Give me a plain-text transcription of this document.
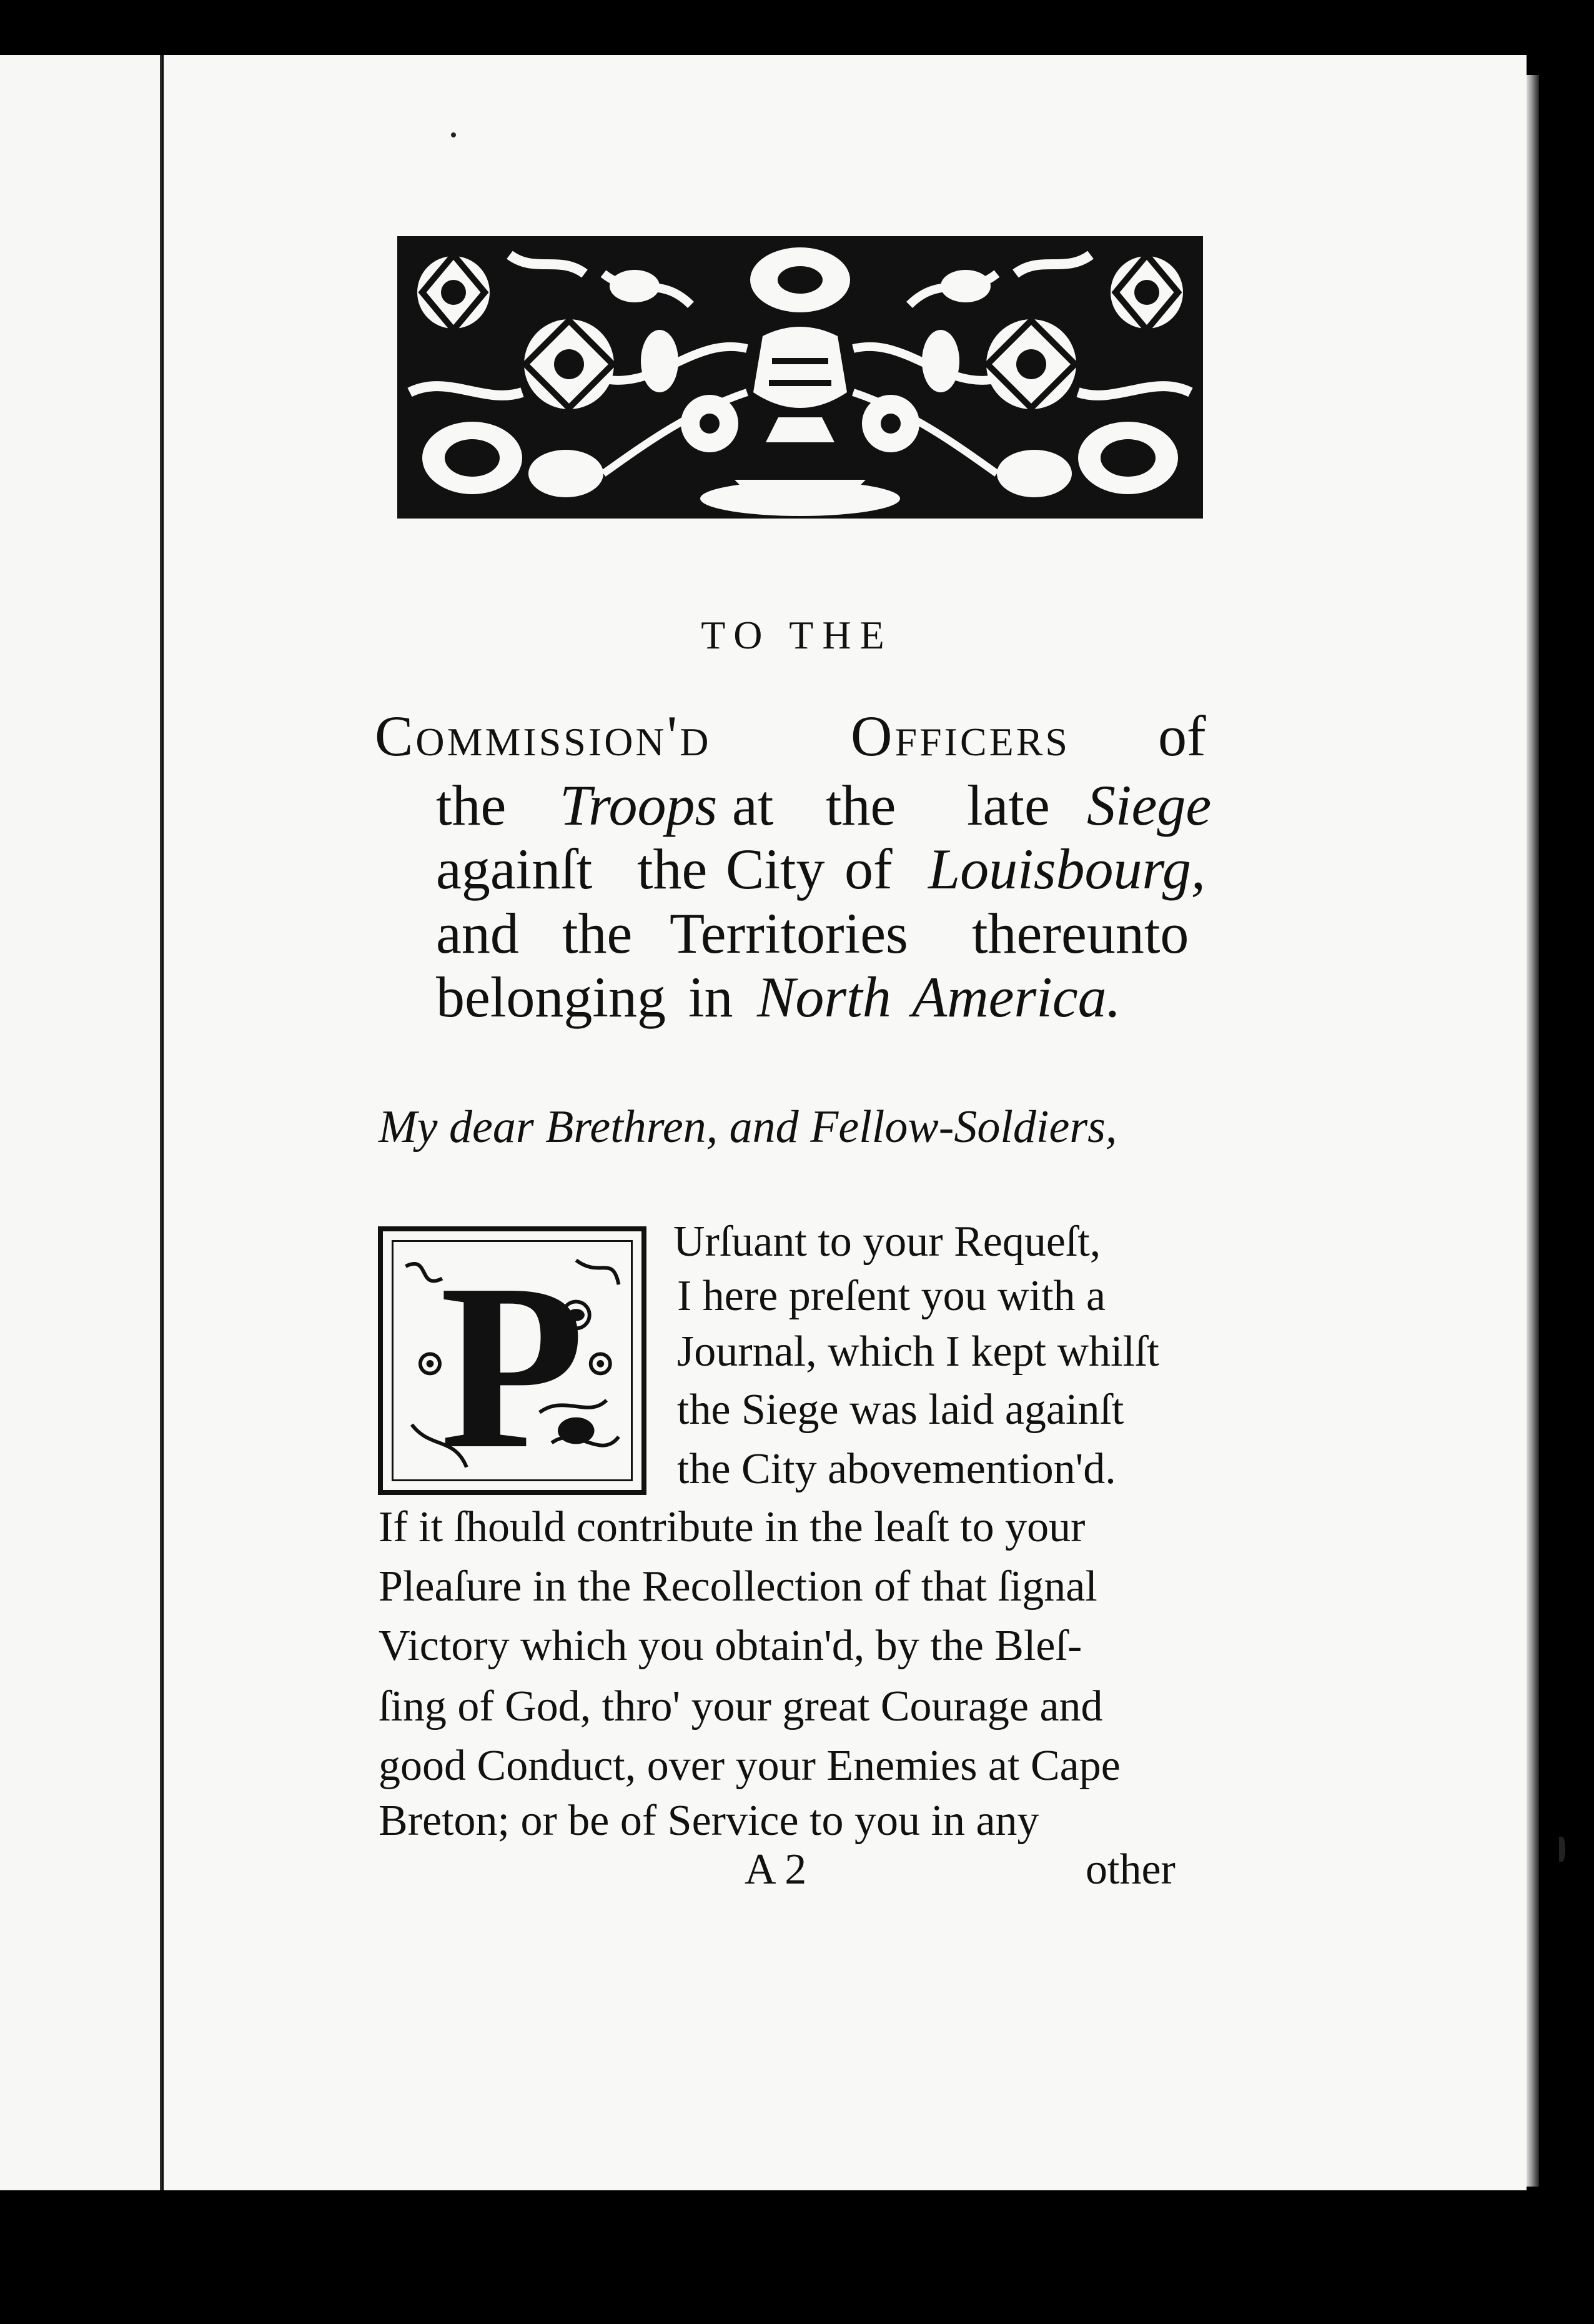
TO THE
Commission'd Officers of
the Troops at the late Siege
againſt the City of Louisbourg,
and the Territories thereunto
belonging in North America.
My dear Brethren, and Fellow-Soldiers,
P	Urſuant to your Requeſt,
I here preſent you with a
Journal, which I kept whilſt
the Siege was laid againſt
the City abovemention'd.
If it ſhould contribute in the leaſt to your
Pleaſure in the Recollection of that ſignal
Victory which you obtain'd, by the Bleſ-
ſing of God, thro' your great Courage and
good Conduct, over your Enemies at Cape
Breton; or be of Service to you in any
A 2	other
